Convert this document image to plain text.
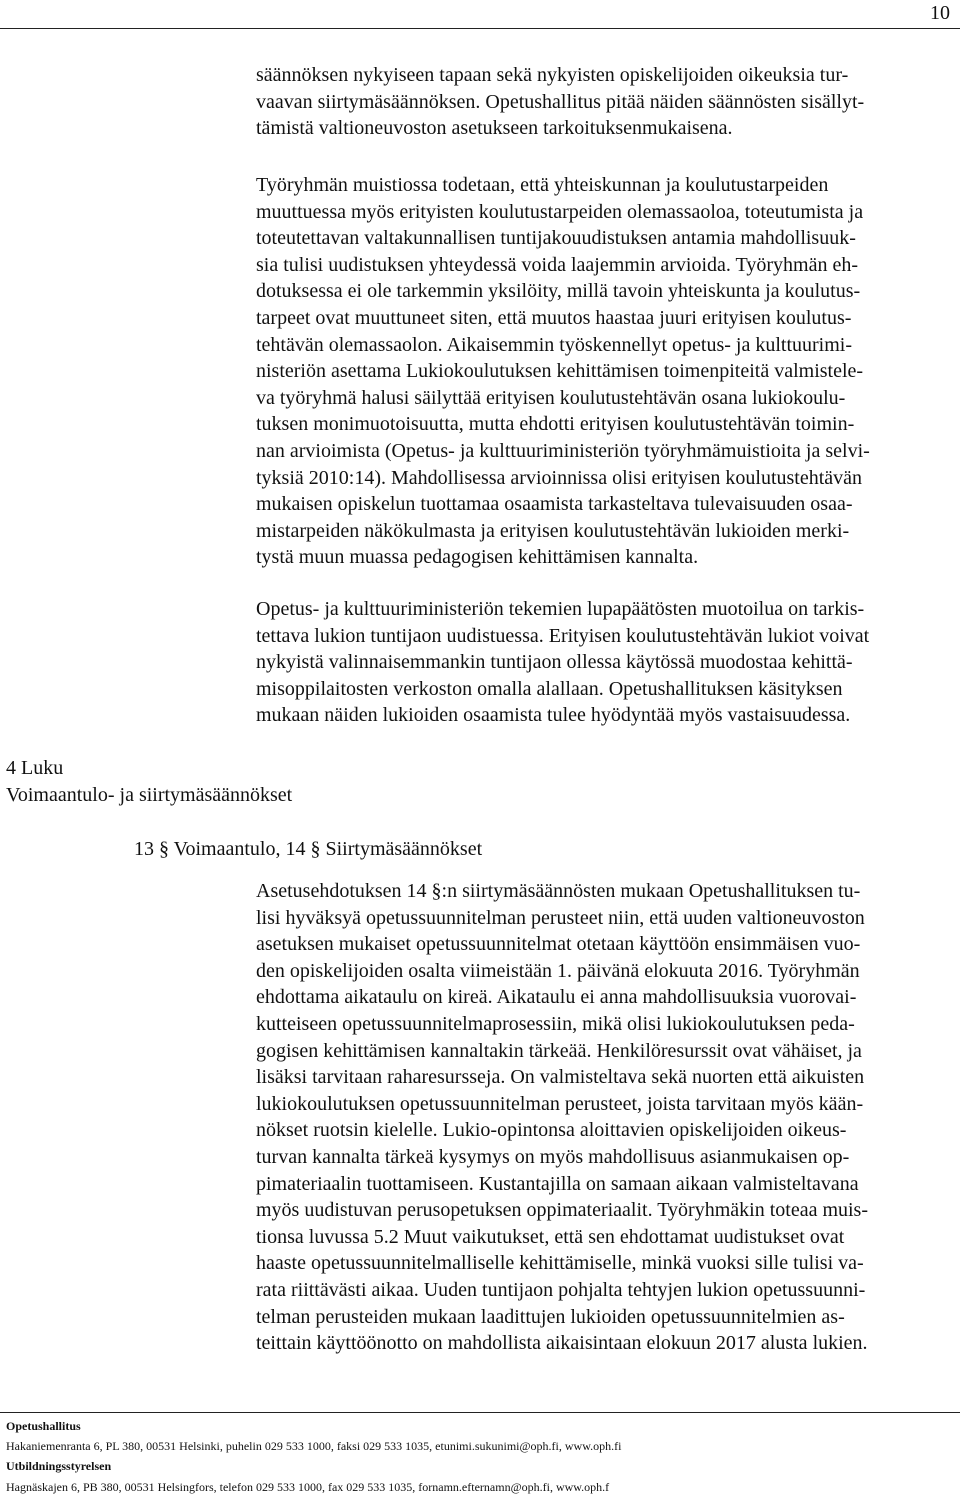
10

säännöksen nykyiseen tapaan sekä nykyisten opiskelijoiden oikeuksia tur-

vaavan siirtymäsäännöksen. Opetushallitus pitää näiden säännösten sisällyt-

tämistä valtioneuvoston asetukseen tarkoituksenmukaisena.

Työryhmän muistiossa todetaan, että yhteiskunnan ja koulutustarpeiden

muuttuessa myös erityisten koulutustarpeiden olemassaoloa, toteutumista ja

toteutettavan valtakunnallisen tuntijakouudistuksen antamia mahdollisuuk-

sia tulisi uudistuksen yhteydessä voida laajemmin arvioida. Työryhmän eh-

dotuksessa ei ole tarkemmin yksilöity, millä tavoin yhteiskunta ja koulutus-

tarpeet ovat muuttuneet siten, että muutos haastaa juuri erityisen koulutus-

tehtävän olemassaolon. Aikaisemmin työskennellyt opetus- ja kulttuurimi-

nisteriön asettama Lukiokoulutuksen kehittämisen toimenpiteitä valmistele-

va työryhmä halusi säilyttää erityisen koulutustehtävän osana lukiokoulu-

tuksen monimuotoisuutta, mutta ehdotti erityisen koulutustehtävän toimin-

nan arvioimista (Opetus- ja kulttuuriministeriön työryhmämuistioita ja selvi-

tyksiä 2010:14). Mahdollisessa arvioinnissa olisi erityisen koulutustehtävän

mukaisen opiskelun tuottamaa osaamista tarkasteltava tulevaisuuden osaa-

mistarpeiden näkökulmasta ja erityisen koulutustehtävän lukioiden merki-

tystä muun muassa pedagogisen kehittämisen kannalta.

Opetus- ja kulttuuriministeriön tekemien lupapäätösten muotoilua on tarkis-

tettava lukion tuntijaon uudistuessa. Erityisen koulutustehtävän lukiot voivat

nykyistä valinnaisemmankin tuntijaon ollessa käytössä muodostaa kehittä-

misoppilaitosten verkoston omalla alallaan. Opetushallituksen käsityksen

mukaan näiden lukioiden osaamista tulee hyödyntää myös vastaisuudessa.

4 Luku
Voimaantulo- ja siirtymäsäännökset
13 § Voimaantulo, 14 § Siirtymäsäännökset

Asetusehdotuksen 14 §:n siirtymäsäännösten mukaan Opetushallituksen tu-

lisi hyväksyä opetussuunnitelman perusteet niin, että uuden valtioneuvoston

asetuksen mukaiset opetussuunnitelmat otetaan käyttöön ensimmäisen vuo-

den opiskelijoiden osalta viimeistään 1. päivänä elokuuta 2016. Työryhmän

ehdottama aikataulu on kireä. Aikataulu ei anna mahdollisuuksia vuorovai-

kutteiseen opetussuunnitelmaprosessiin, mikä olisi lukiokoulutuksen peda-

gogisen kehittämisen kannaltakin tärkeää. Henkilöresurssit ovat vähäiset, ja

lisäksi tarvitaan raharesursseja. On valmisteltava sekä nuorten että aikuisten

lukiokoulutuksen opetussuunnitelman perusteet, joista tarvitaan myös kään-

nökset ruotsin kielelle. Lukio-opintonsa aloittavien opiskelijoiden oikeus-

turvan kannalta tärkeä kysymys on myös mahdollisuus asianmukaisen op-

pimateriaalin tuottamiseen. Kustantajilla on samaan aikaan valmisteltavana

myös uudistuvan perusopetuksen oppimateriaalit. Työryhmäkin toteaa muis-

tionsa luvussa 5.2 Muut vaikutukset, että sen ehdottamat uudistukset ovat

haaste opetussuunnitelmalliselle kehittämiselle, minkä vuoksi sille tulisi va-

rata riittävästi aikaa. Uuden tuntijaon pohjalta tehtyjen lukion opetussuunni-

telman perusteiden mukaan laadittujen lukioiden opetussuunnitelmien as-

teittain käyttöönotto on mahdollista aikaisintaan elokuun 2017 alusta lukien.

Opetushallitus
Hakaniemenranta 6, PL 380, 00531 Helsinki, puhelin 029 533 1000, faksi 029 533 1035, etunimi.sukunimi@oph.fi, www.oph.fi
Utbildningsstyrelsen
Hagnäskajen 6, PB 380, 00531 Helsingfors, telefon 029 533 1000, fax 029 533 1035, fornamn.efternamn@oph.fi, www.oph.f
